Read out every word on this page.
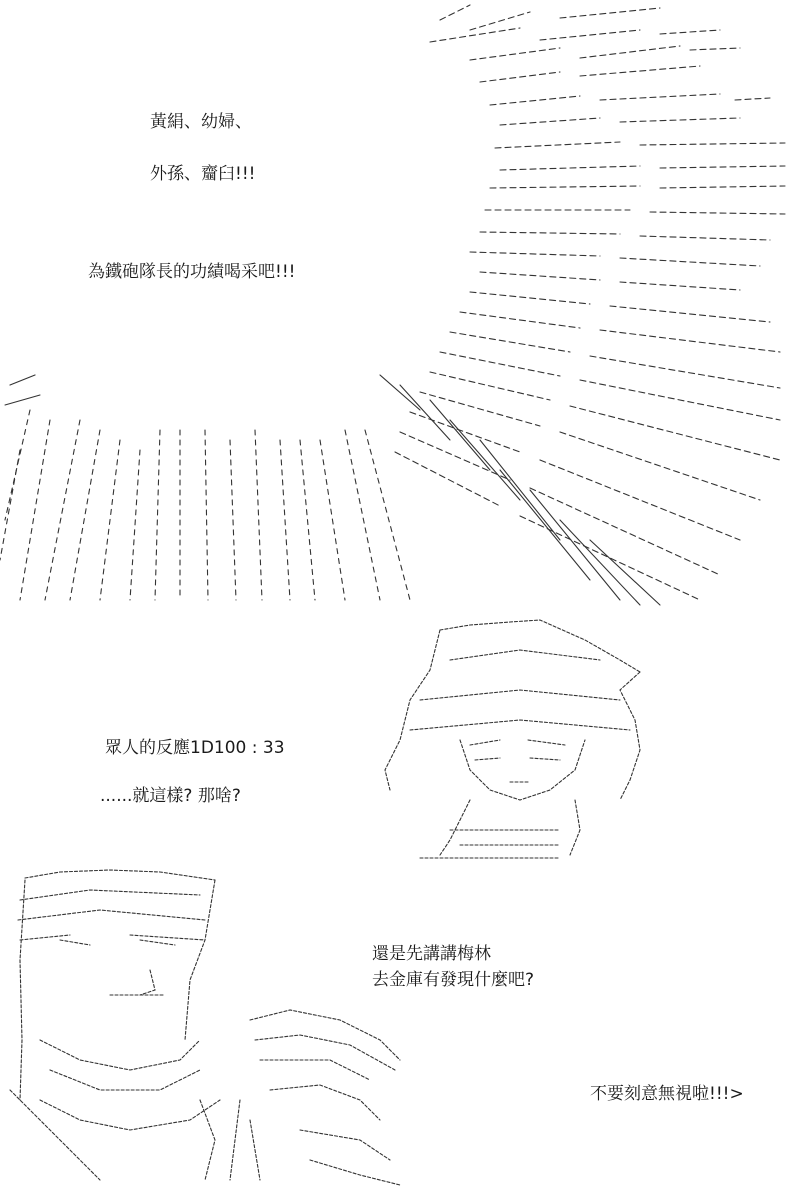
黃絹、幼婦、
外孫、齏臼!!!
為鐵砲隊長的功績喝采吧!!!
眾人的反應1D100 : 33
......就這樣? 那啥?
還是先講講梅林
去金庫有發現什麼吧?
不要刻意無視啦!!!>
